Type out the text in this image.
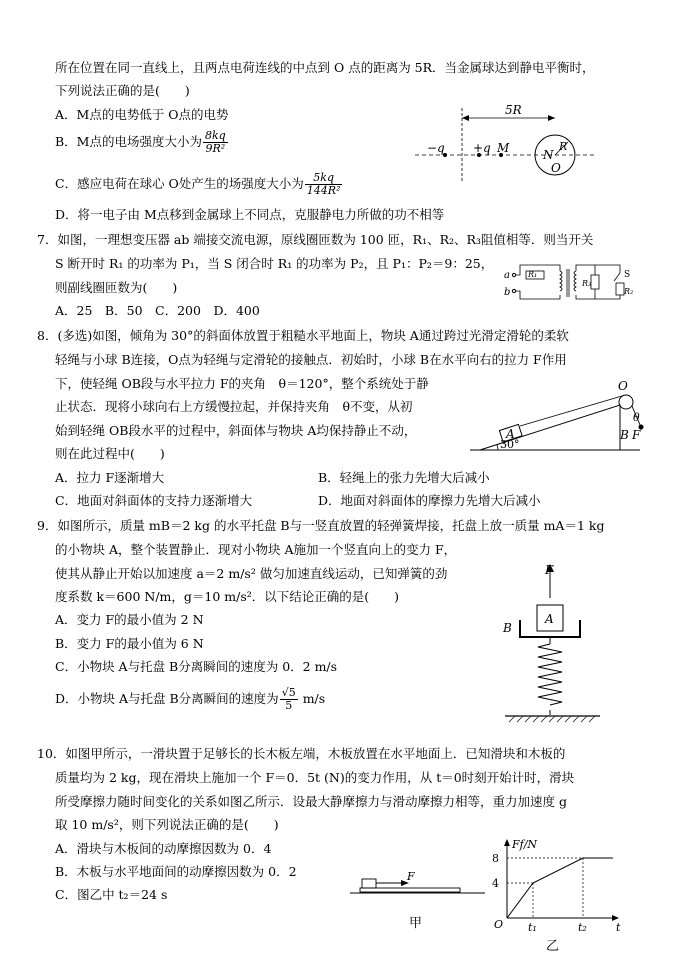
所在位置在同一直线上，且两点电荷连线的中点到 O 点的距离为 5R．当金属球达到静电平衡时，
下列说法正确的是(　　)
A．M点的电势低于 O点的电势
B．M点的电场强度大小为 $\frac{8kq}{\text{9R²}}$
C．感应电荷在球心 O处产生的场强度大小为 $\frac{5kq}{\text{144R²}}$
D．将一电子由 M点移到金属球上不同点，克服静电力所做的功不相等
5R
−q +q M	N
R
O
7．如图，一理想变压器 ab 端接交流电源，原线圈匝数为 100 匝，R₁、R₂、R₃阻值相等．则当开关
S 断开时 R₁ 的功率为 P₁，当 S 闭合时 R₁ 的功率为 P₂，且 P₁：P₂＝9：25，
则副线圈匝数为(　　)
A．25　B．50　C．200　D．400
a
b
R₁
R₃
S
R₂
8．(多选)如图，倾角为 30°的斜面体放置于粗糙水平地面上，物块 A通过跨过光滑定滑轮的柔软
轻绳与小球 B连接，O点为轻绳与定滑轮的接触点．初始时，小球 B在水平向右的拉力 F作用
下，使轻绳 OB段与水平拉力 F的夹角　θ＝120°，整个系统处于静
止状态．现将小球向右上方缓慢拉起，并保持夹角　θ不变，从初
始到轻绳 OB段水平的过程中，斜面体与物块 A均保持静止不动，
则在此过程中(　　)
A．拉力 F逐渐增大	B．轻绳上的张力先增大后减小
C．地面对斜面体的支持力逐渐增大	D．地面对斜面体的摩擦力先增大后减小
A
O
θ
B F
30°
9．如图所示，质量 mB＝2 kg 的水平托盘 B与一竖直放置的轻弹簧焊接，托盘上放一质量 mA＝1 kg
的小物块 A，整个装置静止．现对小物块 A施加一个竖直向上的变力 F，
使其从静止开始以加速度 a＝2 m/s² 做匀加速直线运动，已知弹簧的劲
度系数 k＝600 N/m，g＝10 m/s²．以下结论正确的是(　　)
A．变力 F的最小值为 2 N
B．变力 F的最小值为 6 N
C．小物块 A与托盘 B分离瞬间的速度为 0．2 m/s
D．小物块 A与托盘 B分离瞬间的速度为 $\frac{√5}{5} m/s$
F
A
B
10．如图甲所示，一滑块置于足够长的长木板左端，木板放置在水平地面上．已知滑块和木板的
质量均为 2 kg，现在滑块上施加一个 F＝0．5t (N)的变力作用，从 t＝0时刻开始计时，滑块
所受摩擦力随时间变化的关系如图乙所示．设最大静摩擦力与滑动摩擦力相等，重力加速度 g
取 10 m/s²，则下列说法正确的是(　　)
A．滑块与木板间的动摩擦因数为 0．4
B．木板与水平地面间的动摩擦因数为 0．2
C．图乙中 t₂＝24 s
F
甲
Ff/N
8
4
O t₁	t₂	t
乙
